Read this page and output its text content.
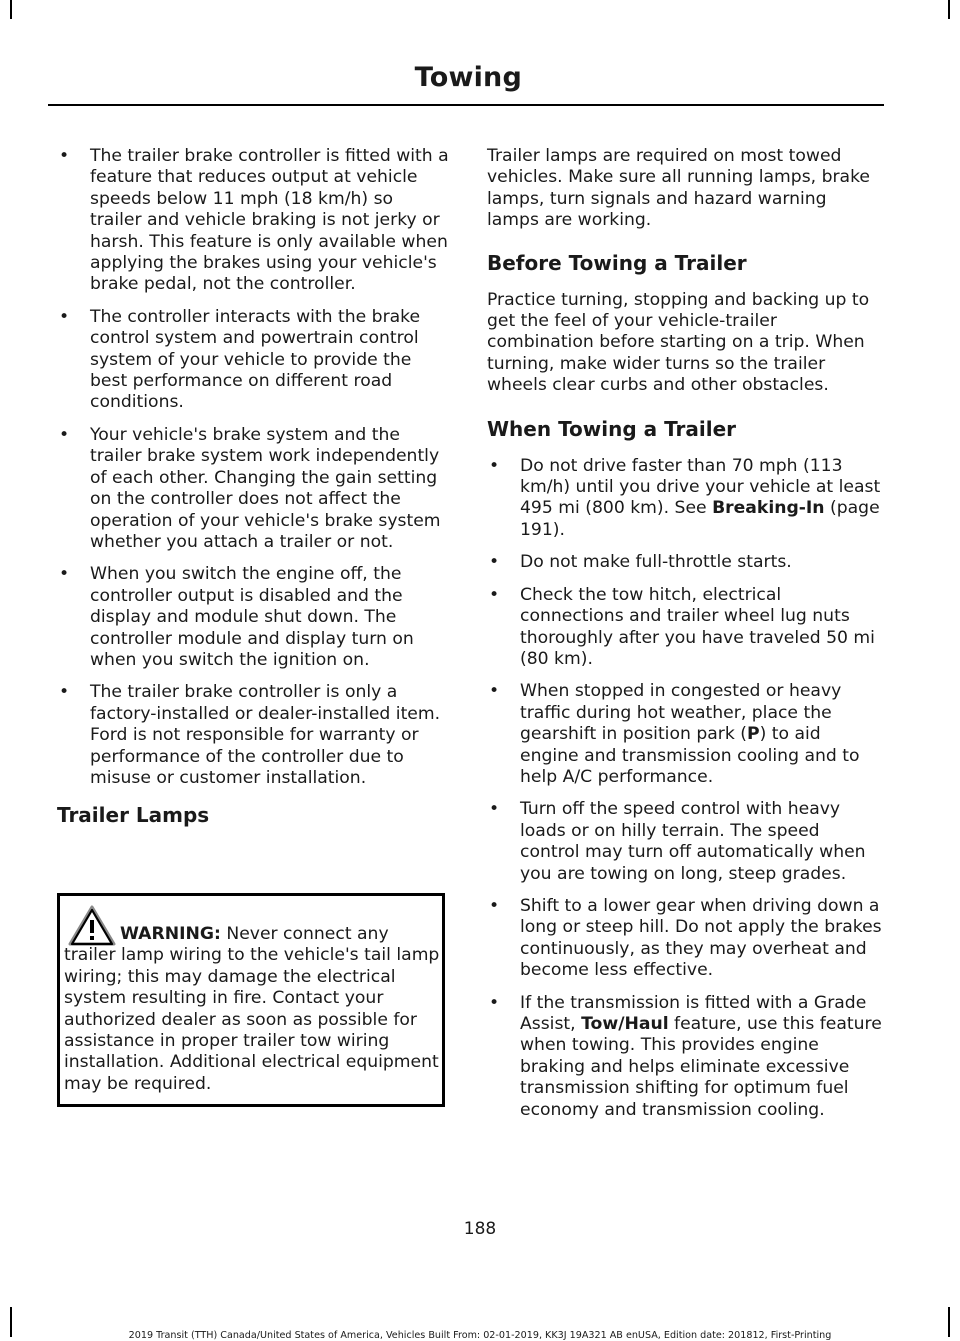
Towing
• The trailer brake controller is fitted with a feature that reduces output at vehicle speeds below 11 mph (18 km/h) so trailer and vehicle braking is not jerky or harsh. This feature is only available when applying the brakes using your vehicle's brake pedal, not the controller.
• The controller interacts with the brake control system and powertrain control system of your vehicle to provide the best performance on different road conditions.
• Your vehicle's brake system and the trailer brake system work independently of each other. Changing the gain setting on the controller does not affect the operation of your vehicle's brake system whether you attach a trailer or not.
• When you switch the engine off, the controller output is disabled and the display and module shut down. The controller module and display turn on when you switch the ignition on.
• The trailer brake controller is only a factory-installed or dealer-installed item. Ford is not responsible for warranty or performance of the controller due to misuse or customer installation.
Trailer Lamps
WARNING: Never connect any trailer lamp wiring to the vehicle's tail lamp wiring; this may damage the electrical system resulting in fire. Contact your authorized dealer as soon as possible for assistance in proper trailer tow wiring installation. Additional electrical equipment may be required.

Trailer lamps are required on most towed vehicles. Make sure all running lamps, brake lamps, turn signals and hazard warning lamps are working.

Before Towing a Trailer

Practice turning, stopping and backing up to get the feel of your vehicle-trailer combination before starting on a trip. When turning, make wider turns so the trailer wheels clear curbs and other obstacles.

When Towing a Trailer
• Do not drive faster than 70 mph (113 km/h) until you drive your vehicle at least 495 mi (800 km). See Breaking-In (page 191).
• Do not make full-throttle starts.
• Check the tow hitch, electrical connections and trailer wheel lug nuts thoroughly after you have traveled 50 mi (80 km).
• When stopped in congested or heavy traffic during hot weather, place the gearshift in position park (P) to aid engine and transmission cooling and to help A/C performance.
• Turn off the speed control with heavy loads or on hilly terrain. The speed control may turn off automatically when you are towing on long, steep grades.
• Shift to a lower gear when driving down a long or steep hill. Do not apply the brakes continuously, as they may overheat and become less effective.
• If the transmission is fitted with a Grade Assist, Tow/Haul feature, use this feature when towing. This provides engine braking and helps eliminate excessive transmission shifting for optimum fuel economy and transmission cooling.
188
2019 Transit (TTH) Canada/United States of America, Vehicles Built From: 02-01-2019, KK3J 19A321 AB enUSA, Edition date: 201812, First-Printing
